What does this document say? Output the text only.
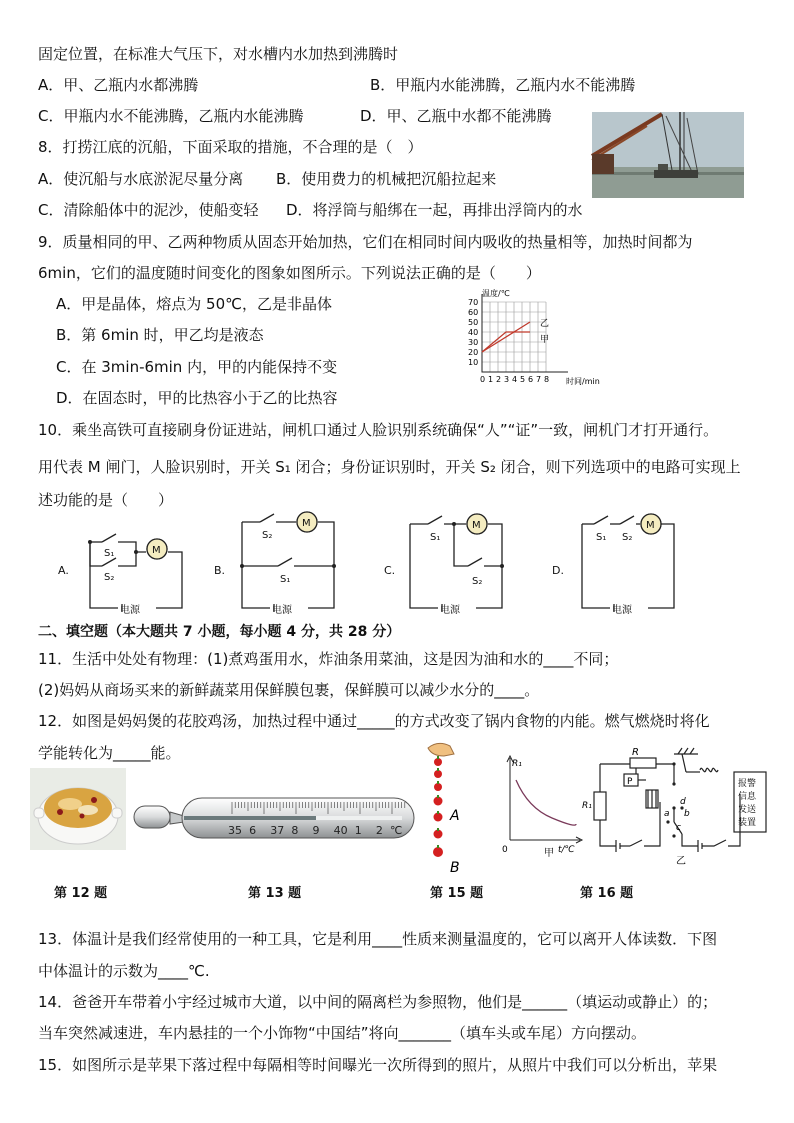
固定位置，在标准大气压下，对水槽内水加热到沸腾时
A．甲、乙瓶内水都沸腾	B．甲瓶内水能沸腾，乙瓶内水不能沸腾
C．甲瓶内水不能沸腾，乙瓶内水能沸腾	D．甲、乙瓶中水都不能沸腾
8．打捞江底的沉船，下面采取的措施，不合理的是（　）
A．使沉船与水底淤泥尽量分离 B．使用费力的机械把沉船拉起来
C．清除船体中的泥沙，使船变轻 D．将浮筒与船绑在一起，再排出浮筒内的水
9．质量相同的甲、乙两种物质从固态开始加热，它们在相同时间内吸收的热量相等，加热时间都为
6min，它们的温度随时间变化的图象如图所示。下列说法正确的是（　　）
A．甲是晶体，熔点为 50℃，乙是非晶体
B．第 6min 时，甲乙均是液态
C．在 3min-6min 内，甲的内能保持不变
D．在固态时，甲的比热容小于乙的比热容
70
60
50
40
30
20
10
0 1 2 3 4 5 6 7 8
温度/℃
时间/min
乙
甲
10．乘坐高铁可直接刷身份证进站，闸机口通过人脸识别系统确保“人”“证”一致，闸机门才打开通行。
用代表 M 闸门，人脸识别时，开关 S₁ 闭合；身份证识别时，开关 S₂ 闭合，则下列选项中的电路可实现上
述功能的是（　　）
A.	B.	C.	D.
M
M	M	M
S₁
S₂
S₂
S₁
S₁
S₂
S₁ S₂
电源	电源	电源	电源
二、填空题（本大题共 7 小题，每小题 4 分，共 28 分）
11．生活中处处有物理：(1)煮鸡蛋用水，炸油条用菜油，这是因为油和水的____不同；
(2)妈妈从商场买来的新鲜蔬菜用保鲜膜包裹，保鲜膜可以减少水分的____。
12．如图是妈妈煲的花胶鸡汤，加热过程中通过_____的方式改变了锅内食物的内能。燃气燃烧时将化
学能转化为_____能。
35 6 37 8 9 40 1 2 ℃
A
B
R₁
t/℃
0	甲
R
P
R₁	d
b
a
c
报警
信息
发送
装置
乙
第 12 题	第 13 题	第 15 题	第 16 题
13．体温计是我们经常使用的一种工具，它是利用____性质来测量温度的，它可以离开人体读数．下图
中体温计的示数为____℃.
14．爸爸开车带着小宇经过城市大道，以中间的隔离栏为参照物，他们是______（填运动或静止）的；
当车突然减速进，车内悬挂的一个小饰物“中国结”将向_______（填车头或车尾）方向摆动。
15．如图所示是苹果下落过程中每隔相等时间曝光一次所得到的照片，从照片中我们可以分析出，苹果
